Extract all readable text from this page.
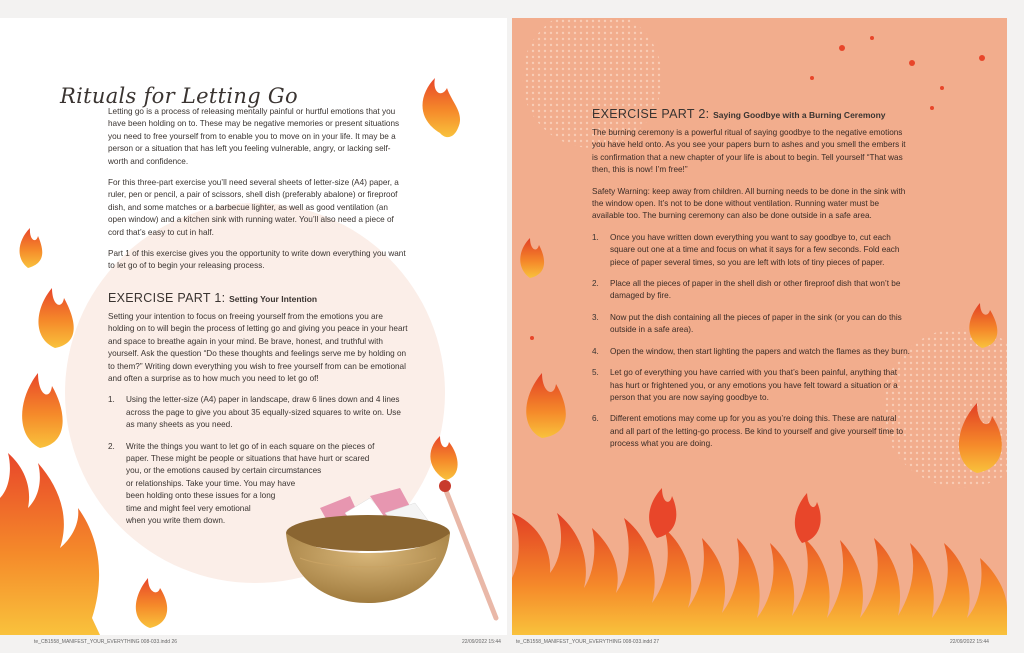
Rituals for Letting Go

Letting go is a process of releasing mentally painful or hurtful emotions that you have been holding on to. These may be negative memories or present situations you need to free yourself from to enable you to move on in your life. It may be a person or a situation that has left you feeling vulnerable, angry, or lacking self-worth and confidence.

For this three-part exercise you’ll need several sheets of letter-size (A4) paper, a ruler, pen or pencil, a pair of scissors, shell dish (preferably abalone) or fireproof dish, and some matches or a barbecue lighter, as well as good ventilation (an open window) and a kitchen sink with running water. You’ll also need a piece of cord that’s easy to cut in half.

Part 1 of this exercise gives you the opportunity to write down everything you want to let go of to begin your releasing process.

EXERCISE PART 1: Setting Your Intention

Setting your intention to focus on freeing yourself from the emotions you are holding on to will begin the process of letting go and giving you peace in your heart and space to breathe again in your mind. Be brave, honest, and truthful with yourself. Ask the question “Do these thoughts and feelings serve me by holding on to them?” Writing down everything you wish to free yourself from can be emotional and often a surprise as to how much you need to let go of!

1. Using the letter-size (A4) paper in landscape, draw 6 lines down and 4 lines across the page to give you about 35 equally-sized squares to write on. Use as many sheets as you need.

2. Write the things you want to let go of in each square on the pieces of

paper. These might be people or situations that have hurt or scared

you, or the emotions caused by certain circumstances

or relationships. Take your time. You may have

been holding onto these issues for a long

time and might feel very emotional

when you write them down.

EXERCISE PART 2: Saying Goodbye with a Burning Ceremony

The burning ceremony is a powerful ritual of saying goodbye to the negative emotions you have held onto. As you see your papers burn to ashes and you smell the embers it is confirmation that a new chapter of your life is about to begin. Tell yourself “That was then, this is now! I’m free!”

Safety Warning: keep away from children. All burning needs to be done in the sink with the window open. It’s not to be done without ventilation. Running water must be available too. The burning ceremony can also be done outside in a safe area.

1. Once you have written down everything you want to say goodbye to, cut each square out one at a time and focus on what it says for a few seconds. Fold each piece of paper several times, so you are left with lots of tiny pieces of paper.

2. Place all the pieces of paper in the shell dish or other fireproof dish that won’t be damaged by fire.

3. Now put the dish containing all the pieces of paper in the sink (or you can do this outside in a safe area).

4. Open the window, then start lighting the papers and watch the flames as they burn.

5. Let go of everything you have carried with you that’s been painful, anything that has hurt or frightened you, or any emotions you have felt toward a situation or a person that you are now saying goodbye to.

6. Different emotions may come up for you as you’re doing this. These are natural and all part of the letting-go process. Be kind to yourself and give yourself time to process what you are doing.

te_CB1558_MANIFEST_YOUR_EVERYTHING 008-033.indd 26	22/09/2022 15:44	te_CB1558_MANIFEST_YOUR_EVERYTHING 008-033.indd 27	22/09/2022 15:44
